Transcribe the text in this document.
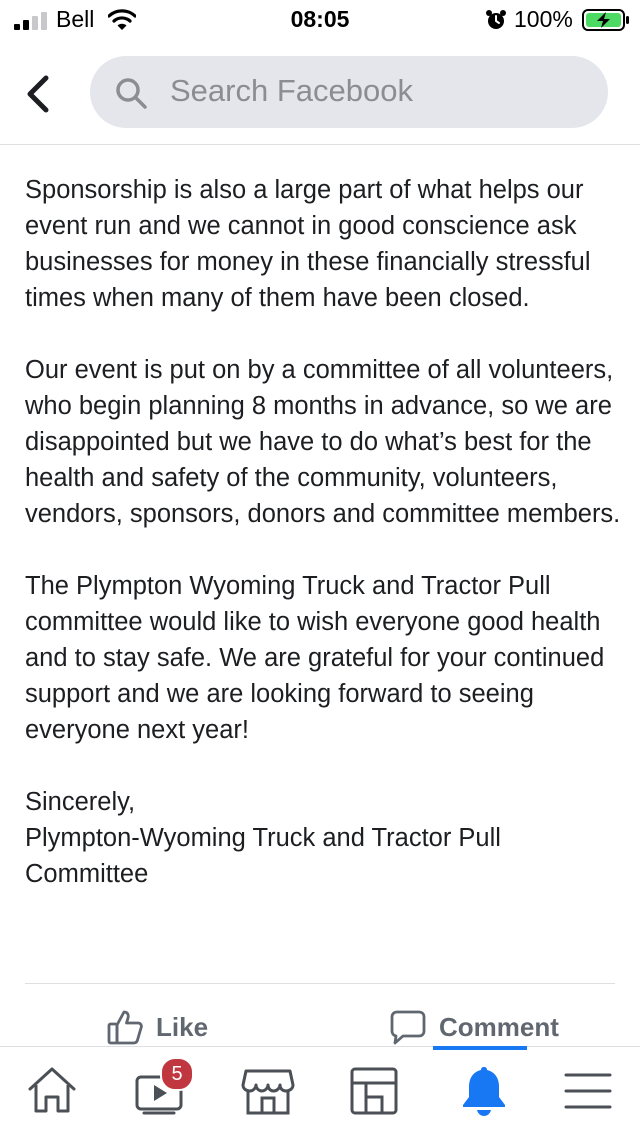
Bell	08:05	100%
Search Facebook

Sponsorship is also a large part of what helps our event run and we cannot in good conscience ask businesses for money in these financially stressful times when many of them have been closed.

Our event is put on by a committee of all volunteers, who begin planning 8 months in advance, so we are disappointed but we have to do what’s best for the health and safety of the community, volunteers, vendors, sponsors, donors and committee members.

The Plympton Wyoming Truck and Tractor Pull committee would like to wish everyone good health and to stay safe. We are grateful for your continued support and we are looking forward to seeing everyone next year!

Sincerely,
Plympton-Wyoming Truck and Tractor Pull
Committee

Like	Comment
5
